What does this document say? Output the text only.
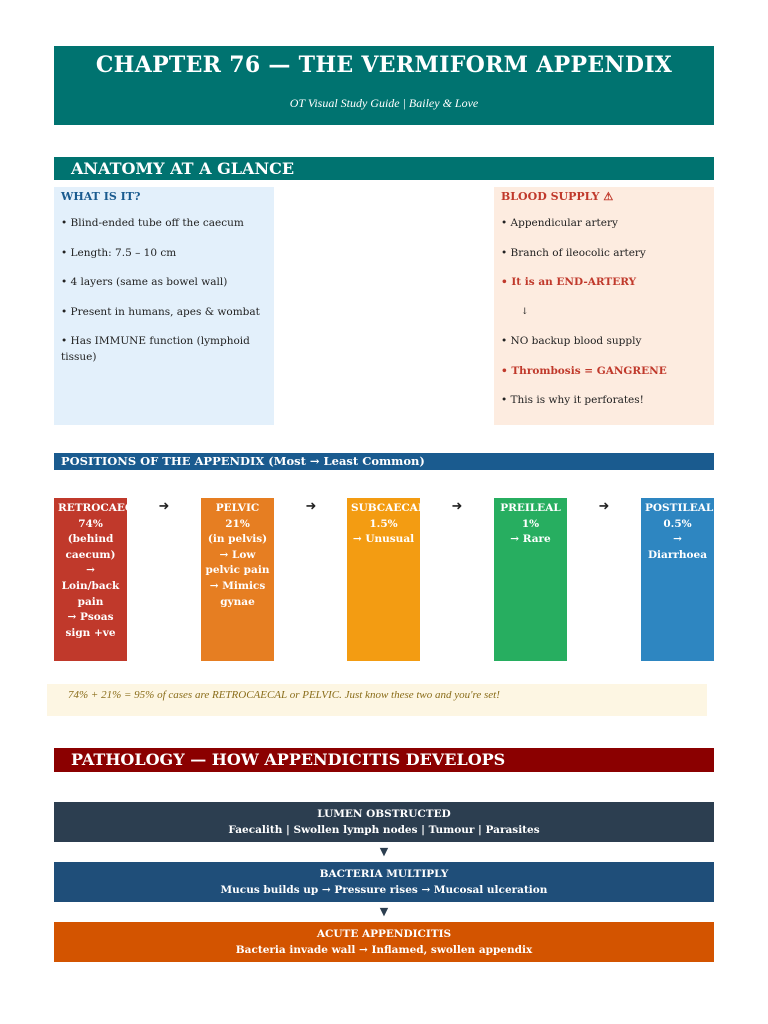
CHAPTER 76 — THE VERMIFORM APPENDIX
OT Visual Study Guide | Bailey & Love
ANATOMY AT A GLANCE
WHAT IS IT?
• Blind-ended tube off the caecum
• Length: 7.5 – 10 cm
• 4 layers (same as bowel wall)
• Present in humans, apes & wombat
• Has IMMUNE function (lymphoid tissue)
BLOOD SUPPLY ⚠
• Appendicular artery
• Branch of ileocolic artery
• It is an END-ARTERY
↓
• NO backup blood supply
• Thrombosis = GANGRENE
• This is why it perforates!
POSITIONS OF THE APPENDIX (Most → Least Common)
RETROCAECAL
74%
(behind caecum)
→ Loin/back pain
→ Psoas sign +ve
➜	PELVIC
21%
(in pelvis)
→ Low pelvic pain
→ Mimics gynae
➜	SUBCAECAL
1.5%
→ Unusual
➜	PREILEAL
1%
→ Rare
➜	POSTILEAL
0.5%
→ Diarrhoea
74% + 21% = 95% of cases are RETROCAECAL or PELVIC. Just know these two and you're set!
PATHOLOGY — HOW APPENDICITIS DEVELOPS
LUMEN OBSTRUCTED
Faecalith | Swollen lymph nodes | Tumour | Parasites
▼
BACTERIA MULTIPLY
Mucus builds up → Pressure rises → Mucosal ulceration
▼
ACUTE APPENDICITIS
Bacteria invade wall → Inflamed, swollen appendix
